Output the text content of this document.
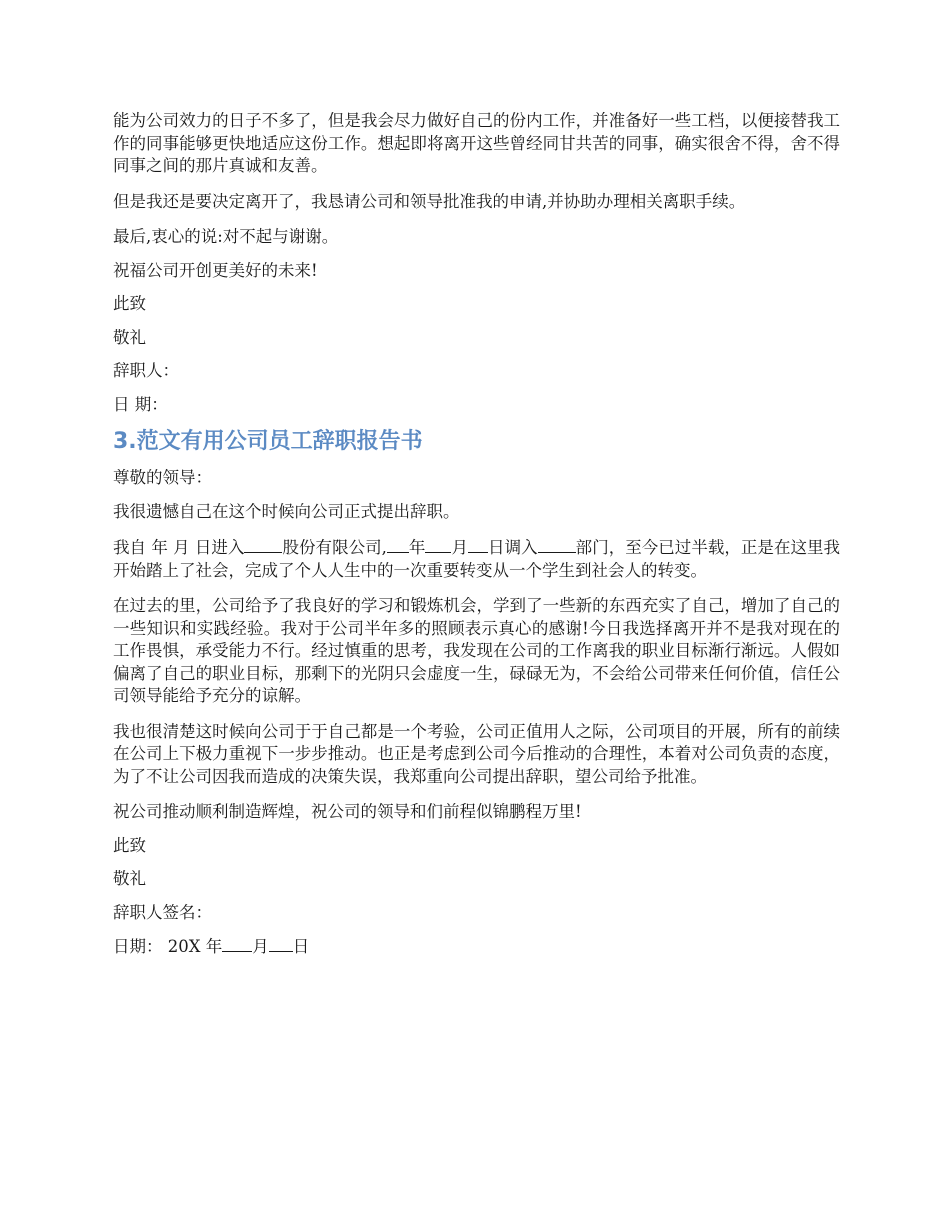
能为公司效力的日子不多了，但是我会尽力做好自己的份内工作，并准备好一些工档，以便接替我工作的同事能够更快地适应这份工作。想起即将离开这些曾经同甘共苦的同事，确实很舍不得，舍不得同事之间的那片真诚和友善。

但是我还是要决定离开了，我恳请公司和领导批准我的申请,并协助办理相关离职手续。

最后,衷心的说:对不起与谢谢。

祝福公司开创更美好的未来!

此致

敬礼

辞职人：

日 期：

3.范文有用公司员工辞职报告书

尊敬的领导：

我很遗憾自己在这个时候向公司正式提出辞职。

我自 年 月 日进入 股份有限公司, 年 月 日调入 部门，至今已过半载，正是在这里我开始踏上了社会，完成了个人人生中的一次重要转变从一个学生到社会人的转变。

在过去的里，公司给予了我良好的学习和锻炼机会，学到了一些新的东西充实了自己，增加了自己的一些知识和实践经验。我对于公司半年多的照顾表示真心的感谢!今日我选择离开并不是我对现在的工作畏惧，承受能力不行。经过慎重的思考，我发现在公司的工作离我的职业目标渐行渐远。人假如偏离了自己的职业目标，那剩下的光阴只会虚度一生，碌碌无为，不会给公司带来任何价值，信任公司领导能给予充分的谅解。

我也很清楚这时候向公司于于自己都是一个考验，公司正值用人之际，公司项目的开展，所有的前续在公司上下极力重视下一步步推动。也正是考虑到公司今后推动的合理性，本着对公司负责的态度，为了不让公司因我而造成的决策失误，我郑重向公司提出辞职，望公司给予批准。

祝公司推动顺利制造辉煌，祝公司的领导和们前程似锦鹏程万里!

此致

敬礼

辞职人签名：

日期： 20X 年 月 日
